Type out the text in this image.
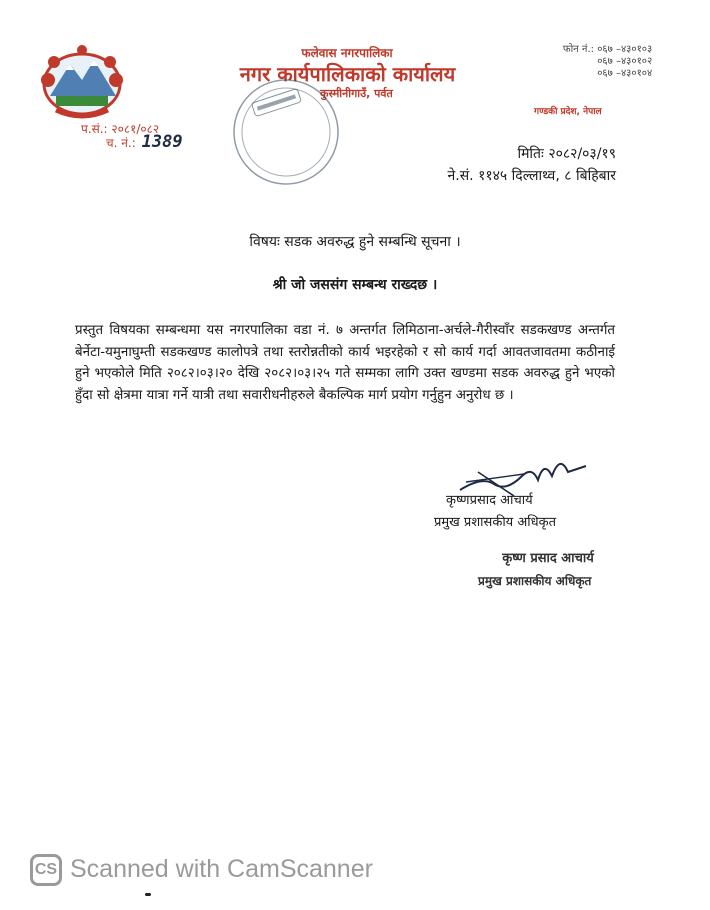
फलेवास नगरपालिका
नगर कार्यपालिकाको कार्यालय
कुस्मीनीगाउँ, पर्वत
फोन नं.: ०६७ –४३०१०३
०६७ –४३०१०२
०६७ –४३०१०४
गण्डकी प्रदेश, नेपाल
प.सं.: २०८१/०८२
च. नं.: 1389
मितिः २०८२/०३/१९
ने.सं. ११४५ दिल्लाथ्व, ८ बिहिबार
विषयः सडक अवरुद्ध हुने सम्बन्धि सूचना ।
श्री जो जससंग सम्बन्ध राख्दछ ।
प्रस्तुत विषयका सम्बन्धमा यस नगरपालिका वडा नं. ७ अन्तर्गत लिमिठाना-अर्चले-गैरीस्वाँर सडकखण्ड अन्तर्गत बेर्नेटा-यमुनाघुम्ती सडकखण्ड कालोपत्रे तथा स्तरोन्नतीको कार्य भइरहेको र सो कार्य गर्दा आवतजावतमा कठीनाई हुने भएकोले मिति २०८२।०३।२० देखि २०८२।०३।२५ गते सम्मका लागि उक्त खण्डमा सडक अवरुद्ध हुने भएको हुँदा सो क्षेत्रमा यात्रा गर्ने यात्री तथा सवारीधनीहरुले बैकल्पिक मार्ग प्रयोग गर्नुहुन अनुरोध छ ।
कृष्णप्रसाद आचार्य
प्रमुख प्रशासकीय अधिकृत
कृष्ण प्रसाद आचार्य
प्रमुख प्रशासकीय अधिकृत
CS Scanned with CamScanner
